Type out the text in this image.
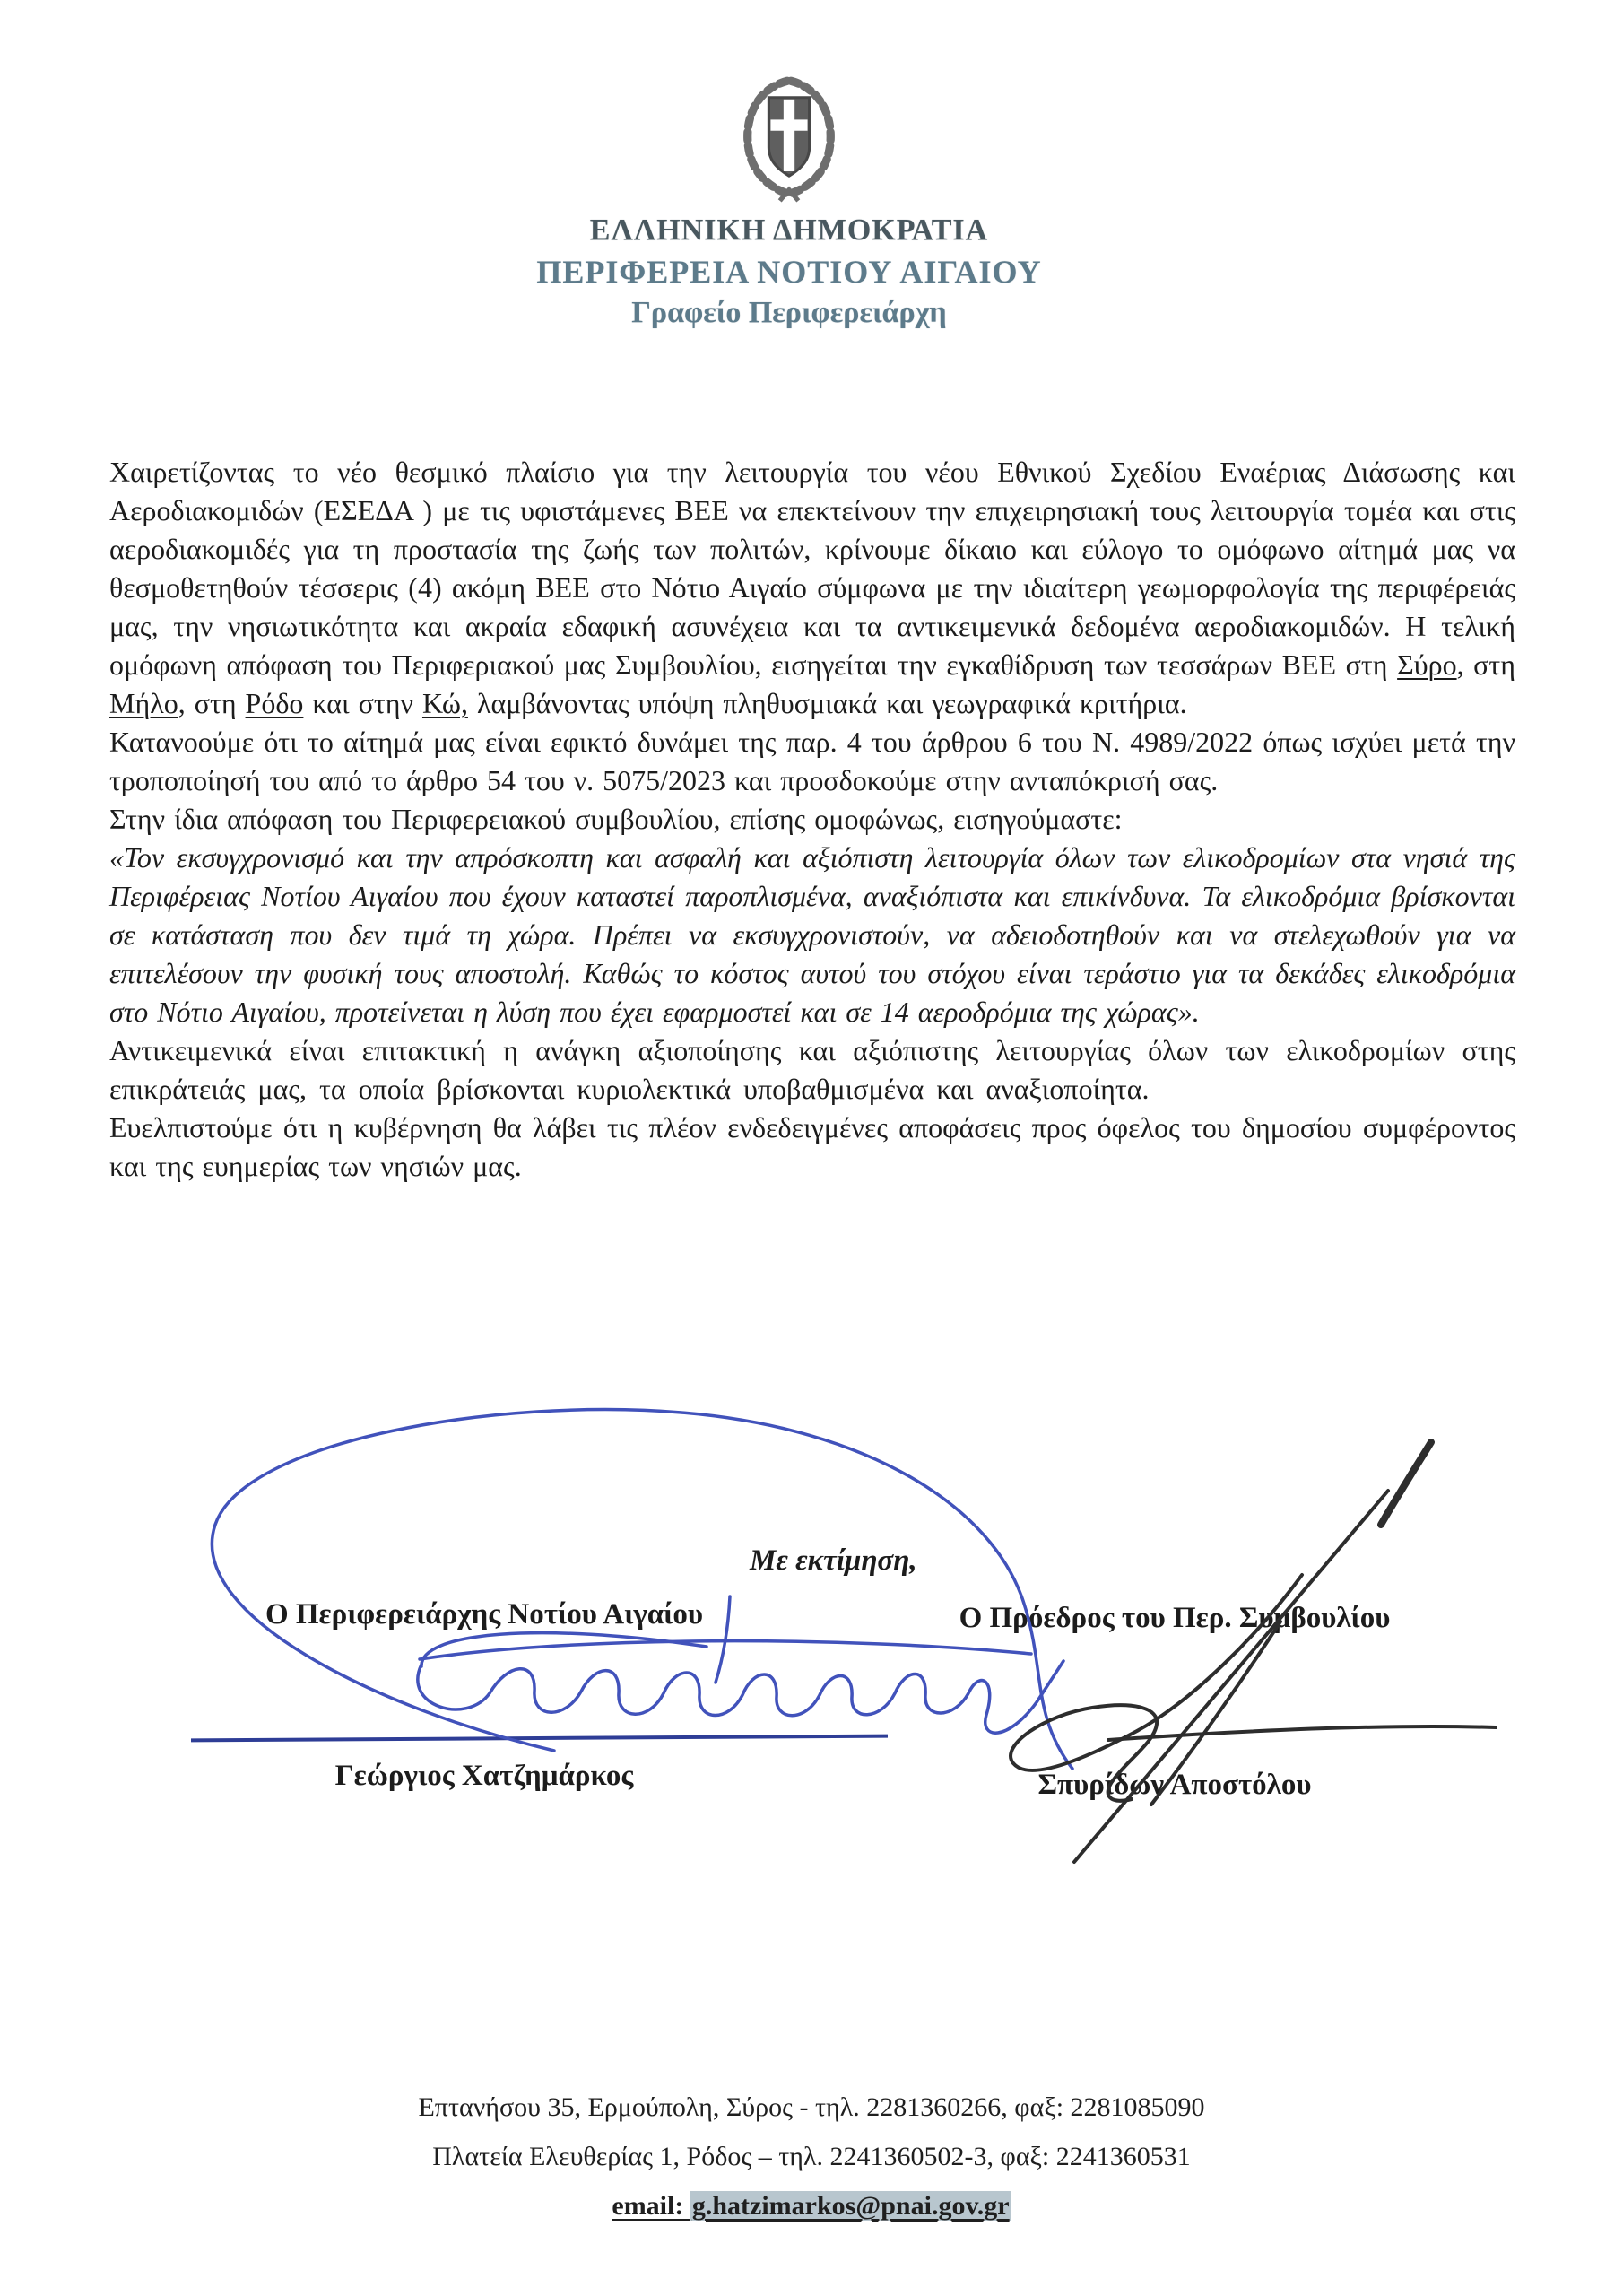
ΕΛΛΗΝΙΚΗ ΔΗΜΟΚΡΑΤΙΑ
ΠΕΡΙΦΕΡΕΙΑ ΝΟΤΙΟΥ ΑΙΓΑΙΟΥ
Γραφείο Περιφερειάρχη

Χαιρετίζοντας το νέο θεσμικό πλαίσιο για την λειτουργία του νέου Εθνικού Σχεδίου Εναέριας Διάσωσης και Αεροδιακομιδών (ΕΣΕΔΑ ) με τις υφιστάμενες ΒΕΕ να επεκτείνουν την επιχειρησιακή τους λειτουργία τομέα και στις αεροδιακομιδές για τη προστασία της ζωής των πολιτών, κρίνουμε δίκαιο και εύλογο το ομόφωνο αίτημά μας να θεσμοθετηθούν τέσσερις (4) ακόμη ΒΕΕ στο Νότιο Αιγαίο σύμφωνα με την ιδιαίτερη γεωμορφολογία της περιφέρειάς μας, την νησιωτικότητα και ακραία εδαφική ασυνέχεια και τα αντικειμενικά δεδομένα αεροδιακομιδών. Η τελική ομόφωνη απόφαση του Περιφεριακού μας Συμβουλίου, εισηγείται την εγκαθίδρυση των τεσσάρων ΒΕΕ στη Σύρο, στη Μήλο, στη Ρόδο και στην Κώ, λαμβάνοντας υπόψη πληθυσμιακά και γεωγραφικά κριτήρια.

Κατανοούμε ότι το αίτημά μας είναι εφικτό δυνάμει της παρ. 4 του άρθρου 6 του Ν. 4989/2022 όπως ισχύει μετά την τροποποίησή του από το άρθρο 54 του ν. 5075/2023 και προσδοκούμε στην ανταπόκρισή σας.

Στην ίδια απόφαση του Περιφερειακού συμβουλίου, επίσης ομοφώνως, εισηγούμαστε:

«Τον εκσυγχρονισμό και την απρόσκοπτη και ασφαλή και αξιόπιστη λειτουργία όλων των ελικοδρομίων στα νησιά της Περιφέρειας Νοτίου Αιγαίου που έχουν καταστεί παροπλισμένα, αναξιόπιστα και επικίνδυνα. Τα ελικοδρόμια βρίσκονται σε κατάσταση που δεν τιμά τη χώρα. Πρέπει να εκσυγχρονιστούν, να αδειοδοτηθούν και να στελεχωθούν για να επιτελέσουν την φυσική τους αποστολή. Καθώς το κόστος αυτού του στόχου είναι τεράστιο για τα δεκάδες ελικοδρόμια στο Νότιο Αιγαίου, προτείνεται η λύση που έχει εφαρμοστεί και σε 14 αεροδρόμια της χώρας».

Αντικειμενικά είναι επιτακτική η ανάγκη αξιοποίησης και αξιόπιστης λειτουργίας όλων των ελικοδρομίων στης επικράτειάς μας, τα οποία βρίσκονται κυριολεκτικά υποβαθμισμένα και αναξιοποίητα.

Ευελπιστούμε ότι η κυβέρνηση θα λάβει τις πλέον ενδεδειγμένες αποφάσεις προς όφελος του δημοσίου συμφέροντος και της ευημερίας των νησιών μας.

Με εκτίμηση,
Ο Περιφερειάρχης Νοτίου Αιγαίου	Ο Πρόεδρος του Περ. Συμβουλίου
Γεώργιος Χατζημάρκος	Σπυρίδων Αποστόλου
Επτανήσου 35, Ερμούπολη, Σύρος - τηλ. 2281360266, φαξ: 2281085090
Πλατεία Ελευθερίας 1, Ρόδος – τηλ. 2241360502-3, φαξ: 2241360531
email: g.hatzimarkos@pnai.gov.gr
